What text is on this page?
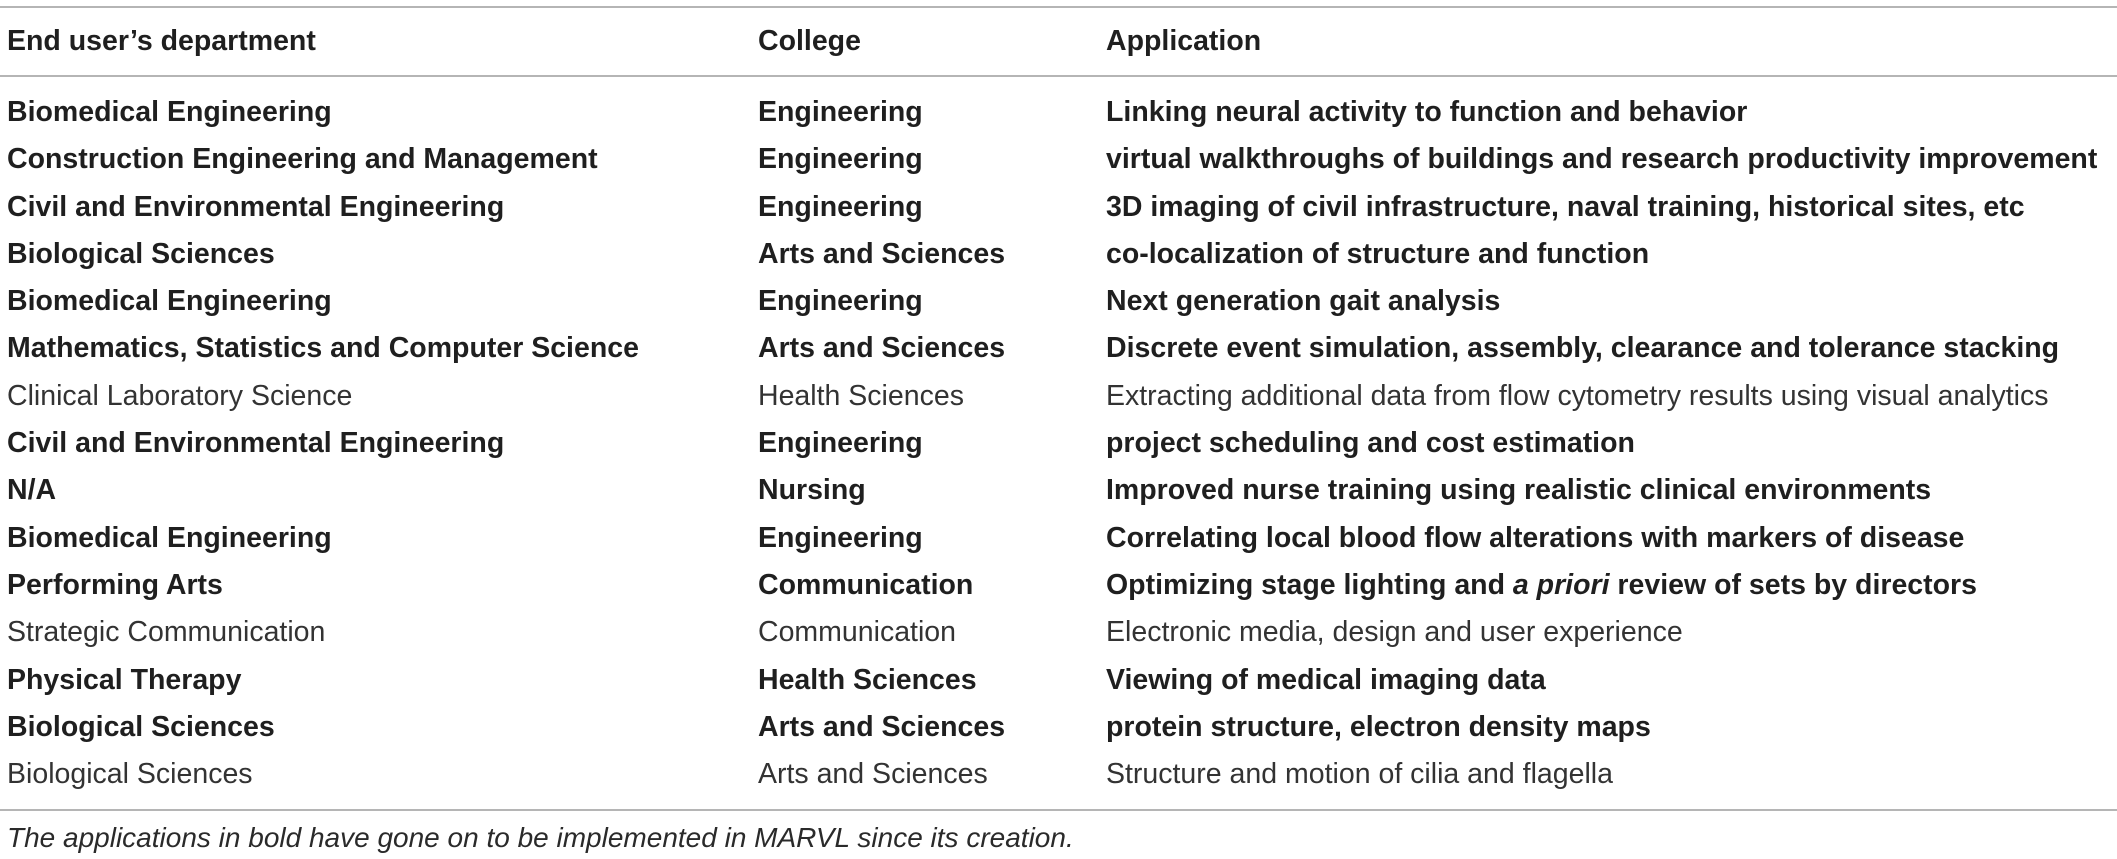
End user’s department	College	Application
Biomedical Engineering	Engineering	Linking neural activity to function and behavior
Construction Engineering and Management	Engineering	virtual walkthroughs of buildings and research productivity improvement
Civil and Environmental Engineering	Engineering	3D imaging of civil infrastructure, naval training, historical sites, etc
Biological Sciences	Arts and Sciences	co-localization of structure and function
Biomedical Engineering	Engineering	Next generation gait analysis
Mathematics, Statistics and Computer Science	Arts and Sciences	Discrete event simulation, assembly, clearance and tolerance stacking
Clinical Laboratory Science	Health Sciences	Extracting additional data from flow cytometry results using visual analytics
Civil and Environmental Engineering	Engineering	project scheduling and cost estimation
N/A	Nursing	Improved nurse training using realistic clinical environments
Biomedical Engineering	Engineering	Correlating local blood flow alterations with markers of disease
Performing Arts	Communication	Optimizing stage lighting and a priori review of sets by directors
Strategic Communication	Communication	Electronic media, design and user experience
Physical Therapy	Health Sciences	Viewing of medical imaging data
Biological Sciences	Arts and Sciences	protein structure, electron density maps
Biological Sciences	Arts and Sciences	Structure and motion of cilia and flagella
The applications in bold have gone on to be implemented in MARVL since its creation.
